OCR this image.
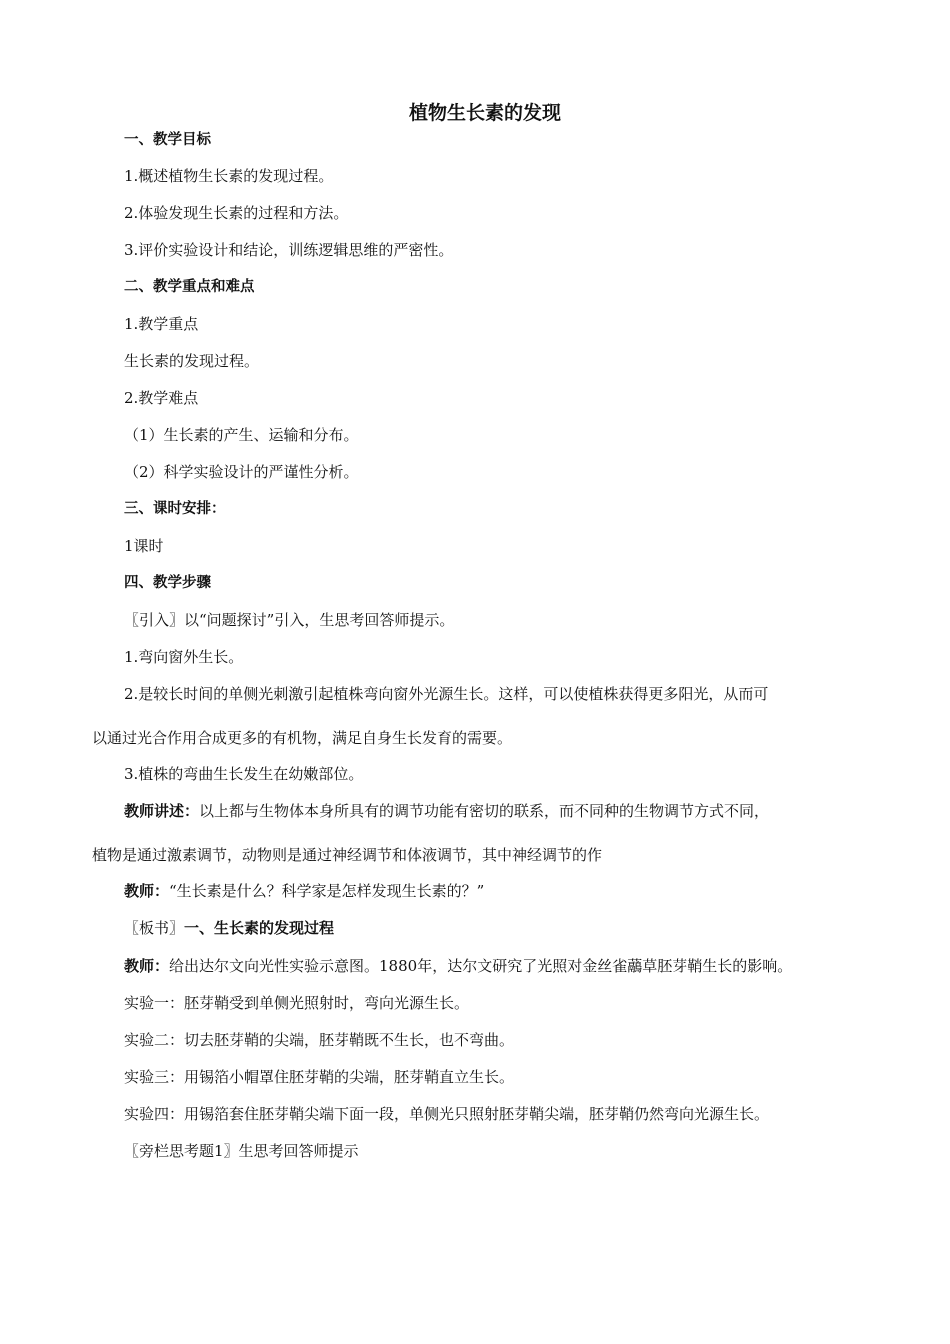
植物生长素的发现
一、教学目标
1.概述植物生长素的发现过程。
2.体验发现生长素的过程和方法。
3.评价实验设计和结论，训练逻辑思维的严密性。
二、教学重点和难点
1.教学重点
生长素的发现过程。
2.教学难点
（1）生长素的产生、运输和分布。
（2）科学实验设计的严谨性分析。
三、课时安排：
1课时
四、教学步骤
〖引入〗以“问题探讨”引入，生思考回答师提示。
1.弯向窗外生长。
2.是较长时间的单侧光刺激引起植株弯向窗外光源生长。这样，可以使植株获得更多阳光，从而可
以通过光合作用合成更多的有机物，满足自身生长发育的需要。
3.植株的弯曲生长发生在幼嫩部位。
教师讲述：以上都与生物体本身所具有的调节功能有密切的联系，而不同种的生物调节方式不同，
植物是通过激素调节，动物则是通过神经调节和体液调节，其中神经调节的作
教师：“生长素是什么？科学家是怎样发现生长素的？”
〖板书〗一、生长素的发现过程
教师：给出达尔文向光性实验示意图。1880年，达尔文研究了光照对金丝雀虉草胚芽鞘生长的影响。
实验一：胚芽鞘受到单侧光照射时，弯向光源生长。
实验二：切去胚芽鞘的尖端，胚芽鞘既不生长，也不弯曲。
实验三：用锡箔小帽罩住胚芽鞘的尖端，胚芽鞘直立生长。
实验四：用锡箔套住胚芽鞘尖端下面一段，单侧光只照射胚芽鞘尖端，胚芽鞘仍然弯向光源生长。
〖旁栏思考题1〗生思考回答师提示
